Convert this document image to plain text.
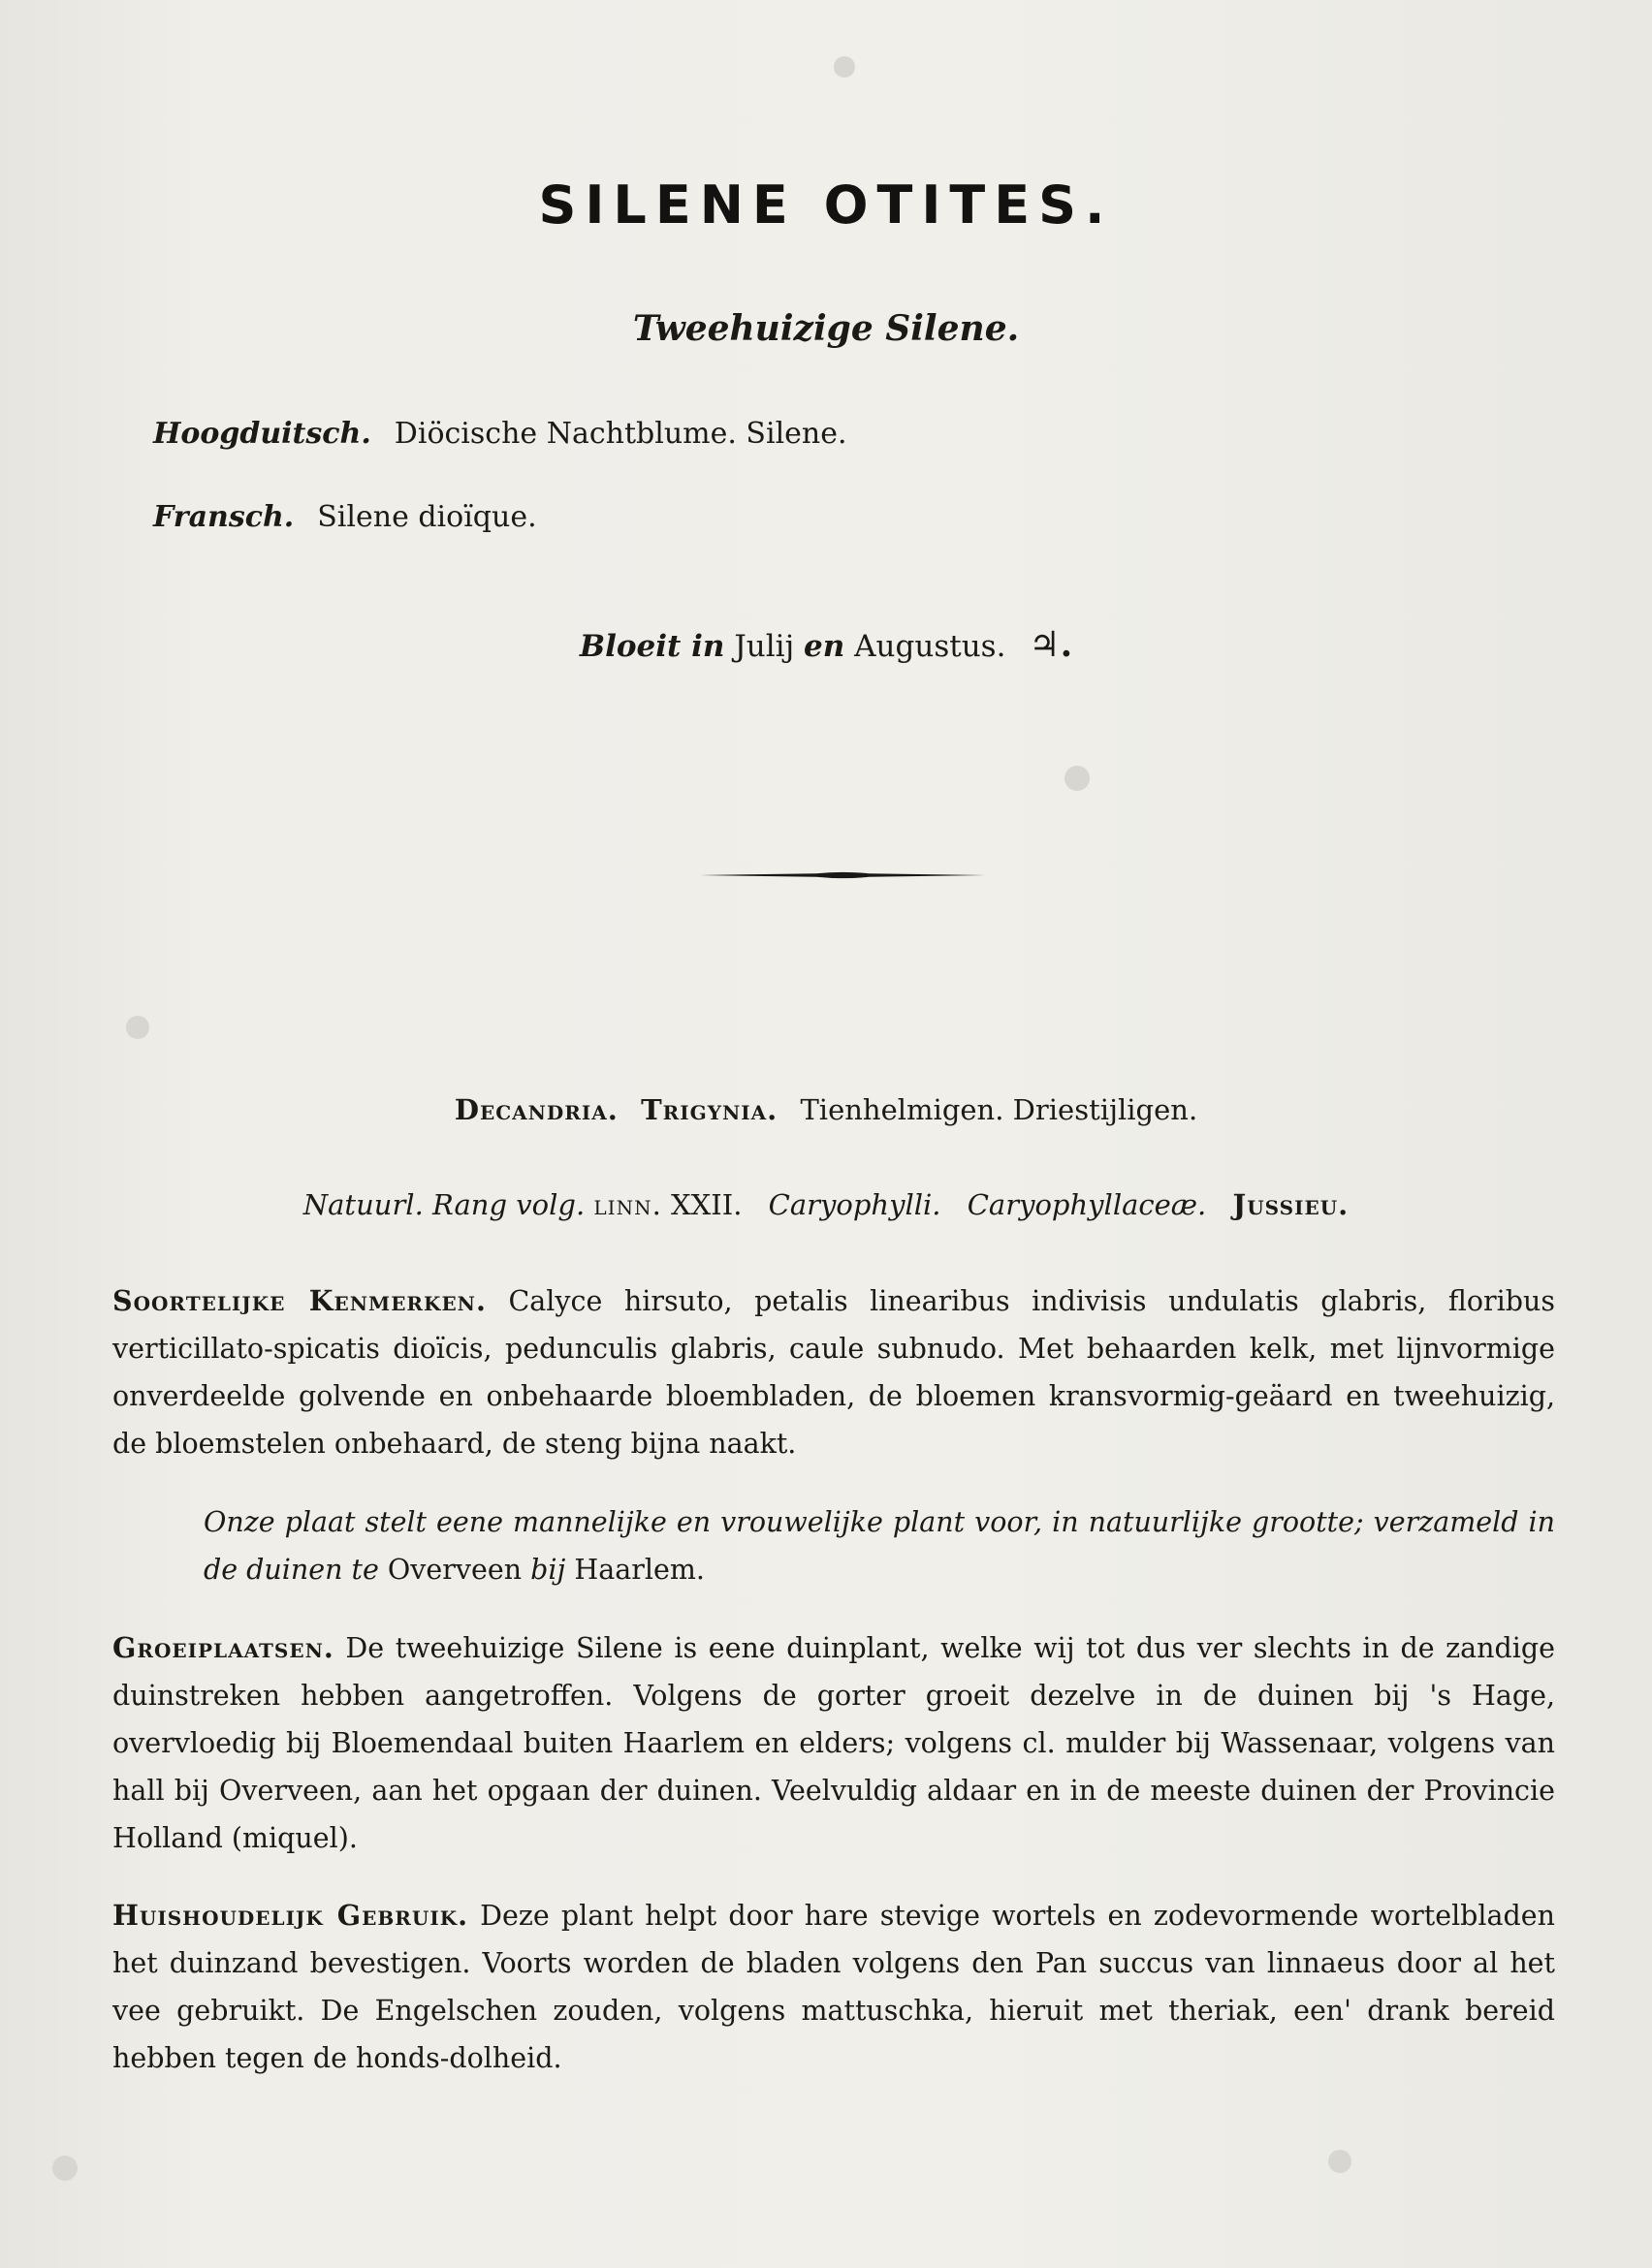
SILENE OTITES.
Tweehuizige Silene.
Hoogduitsch. Diöcische Nachtblume. Silene.
Fransch. Silene dioïque.
Bloeit in Julij en Augustus. ♃.
Decandria. Trigynia. Tienhelmigen. Driestijligen.
Natuurl. Rang volg. linn. XXII. Caryophylli. Caryophyllaceæ. Jussieu.
Soortelijke Kenmerken. Calyce hirsuto, petalis linearibus indivisis undulatis glabris, floribus verticillato-spicatis dioïcis, pedunculis glabris, caule subnudo. Met behaarden kelk, met lijnvormige onverdeelde golvende en onbehaarde bloembladen, de bloemen kransvormig-geäard en tweehuizig, de bloemstelen onbehaard, de steng bijna naakt.
Onze plaat stelt eene mannelijke en vrouwelijke plant voor, in natuurlijke grootte; verzameld in de duinen te Overveen bij Haarlem.
Groeiplaatsen. De tweehuizige Silene is eene duinplant, welke wij tot dus ver slechts in de zandige duinstreken hebben aangetroffen. Volgens de gorter groeit dezelve in de duinen bij 's Hage, overvloedig bij Bloemendaal buiten Haarlem en elders; volgens cl. mulder bij Wassenaar, volgens van hall bij Overveen, aan het opgaan der duinen. Veelvuldig aldaar en in de meeste duinen der Provincie Holland (miquel).
Huishoudelijk Gebruik. Deze plant helpt door hare stevige wortels en zodevormende wortelbladen het duinzand bevestigen. Voorts worden de bladen volgens den Pan succus van linnaeus door al het vee gebruikt. De Engelschen zouden, volgens mattuschka, hieruit met theriak, een' drank bereid hebben tegen de honds-dolheid.
